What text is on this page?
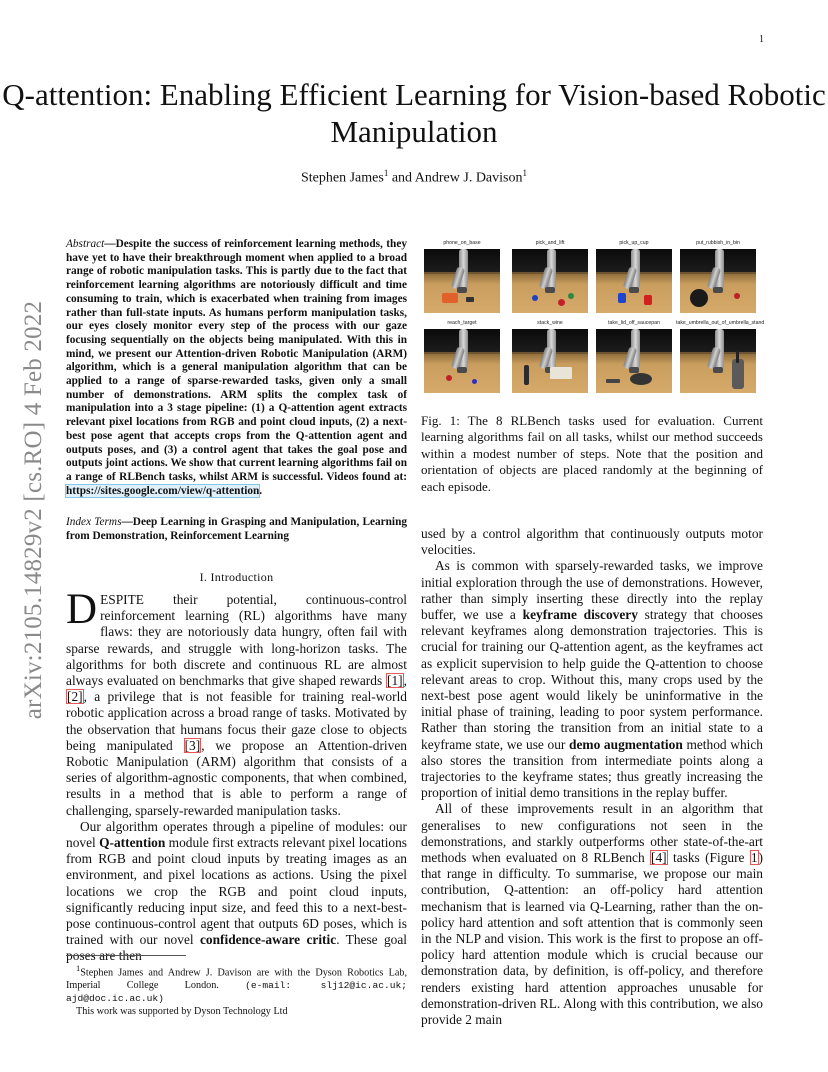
1
arXiv:2105.14829v2 [cs.RO] 4 Feb 2022
Q-attention: Enabling Efficient Learning for Vision-based Robotic Manipulation
Stephen James$^1$ and Andrew J. Davison$^1$
Abstract—Despite the success of reinforcement learning methods, they have yet to have their breakthrough moment when applied to a broad range of robotic manipulation tasks. This is partly due to the fact that reinforcement learning algorithms are notoriously difficult and time consuming to train, which is exacerbated when training from images rather than full-state inputs. As humans perform manipulation tasks, our eyes closely monitor every step of the process with our gaze focusing sequentially on the objects being manipulated. With this in mind, we present our Attention-driven Robotic Manipulation (ARM) algorithm, which is a general manipulation algorithm that can be applied to a range of sparse-rewarded tasks, given only a small number of demonstrations. ARM splits the complex task of manipulation into a 3 stage pipeline: (1) a Q-attention agent extracts relevant pixel locations from RGB and point cloud inputs, (2) a next-best pose agent that accepts crops from the Q-attention agent and outputs poses, and (3) a control agent that takes the goal pose and outputs joint actions. We show that current learning algorithms fail on a range of RLBench tasks, whilst ARM is successful. Videos found at: https://sites.google.com/view/q-attention.
Index Terms—Deep Learning in Grasping and Manipulation, Learning from Demonstration, Reinforcement Learning
I. Introduction

DESPITE their potential, continuous-control reinforcement learning (RL) algorithms have many flaws: they are notoriously data hungry, often fail with sparse rewards, and struggle with long-horizon tasks. The algorithms for both discrete and continuous RL are almost always evaluated on benchmarks that give shaped rewards [1], [2], a privilege that is not feasible for training real-world robotic application across a broad range of tasks. Motivated by the observation that humans focus their gaze close to objects being manipulated [3], we propose an Attention-driven Robotic Manipulation (ARM) algorithm that consists of a series of algorithm-agnostic components, that when combined, results in a method that is able to perform a range of challenging, sparsely-rewarded manipulation tasks.

Our algorithm operates through a pipeline of modules: our novel Q-attention module first extracts relevant pixel locations from RGB and point cloud inputs by treating images as an environment, and pixel locations as actions. Using the pixel locations we crop the RGB and point cloud inputs, significantly reducing input size, and feed this to a next-best-pose continuous-control agent that outputs 6D poses, which is trained with our novel confidence-aware critic. These goal poses are then

$^1$Stephen James and Andrew J. Davison are with the Dyson Robotics Lab, Imperial College London. (e-mail: slj12@ic.ac.uk; ajd@doc.ic.ac.uk)

This work was supported by Dyson Technology Ltd

phone_on_base	pick_and_lift	pick_up_cup	put_rubbish_in_bin
reach_target	stack_wine	take_lid_off_saucepan	take_umbrella_out_of_umbrella_stand
Fig. 1: The 8 RLBench tasks used for evaluation. Current learning algorithms fail on all tasks, whilst our method succeeds within a modest number of steps. Note that the position and orientation of objects are placed randomly at the beginning of each episode.

used by a control algorithm that continuously outputs motor velocities.

As is common with sparsely-rewarded tasks, we improve initial exploration through the use of demonstrations. However, rather than simply inserting these directly into the replay buffer, we use a keyframe discovery strategy that chooses relevant keyframes along demonstration trajectories. This is crucial for training our Q-attention agent, as the keyframes act as explicit supervision to help guide the Q-attention to choose relevant areas to crop. Without this, many crops used by the next-best pose agent would likely be uninformative in the initial phase of training, leading to poor system performance. Rather than storing the transition from an initial state to a keyframe state, we use our demo augmentation method which also stores the transition from intermediate points along a trajectories to the keyframe states; thus greatly increasing the proportion of initial demo transitions in the replay buffer.

All of these improvements result in an algorithm that generalises to new configurations not seen in the demonstrations, and starkly outperforms other state-of-the-art methods when evaluated on 8 RLBench [4] tasks (Figure 1) that range in difficulty. To summarise, we propose our main contribution, Q-attention: an off-policy hard attention mechanism that is learned via Q-Learning, rather than the on-policy hard attention and soft attention that is commonly seen in the NLP and vision. This work is the first to propose an off-policy hard attention module which is crucial because our demonstration data, by definition, is off-policy, and therefore renders existing hard attention approaches unusable for demonstration-driven RL. Along with this contribution, we also provide 2 main
